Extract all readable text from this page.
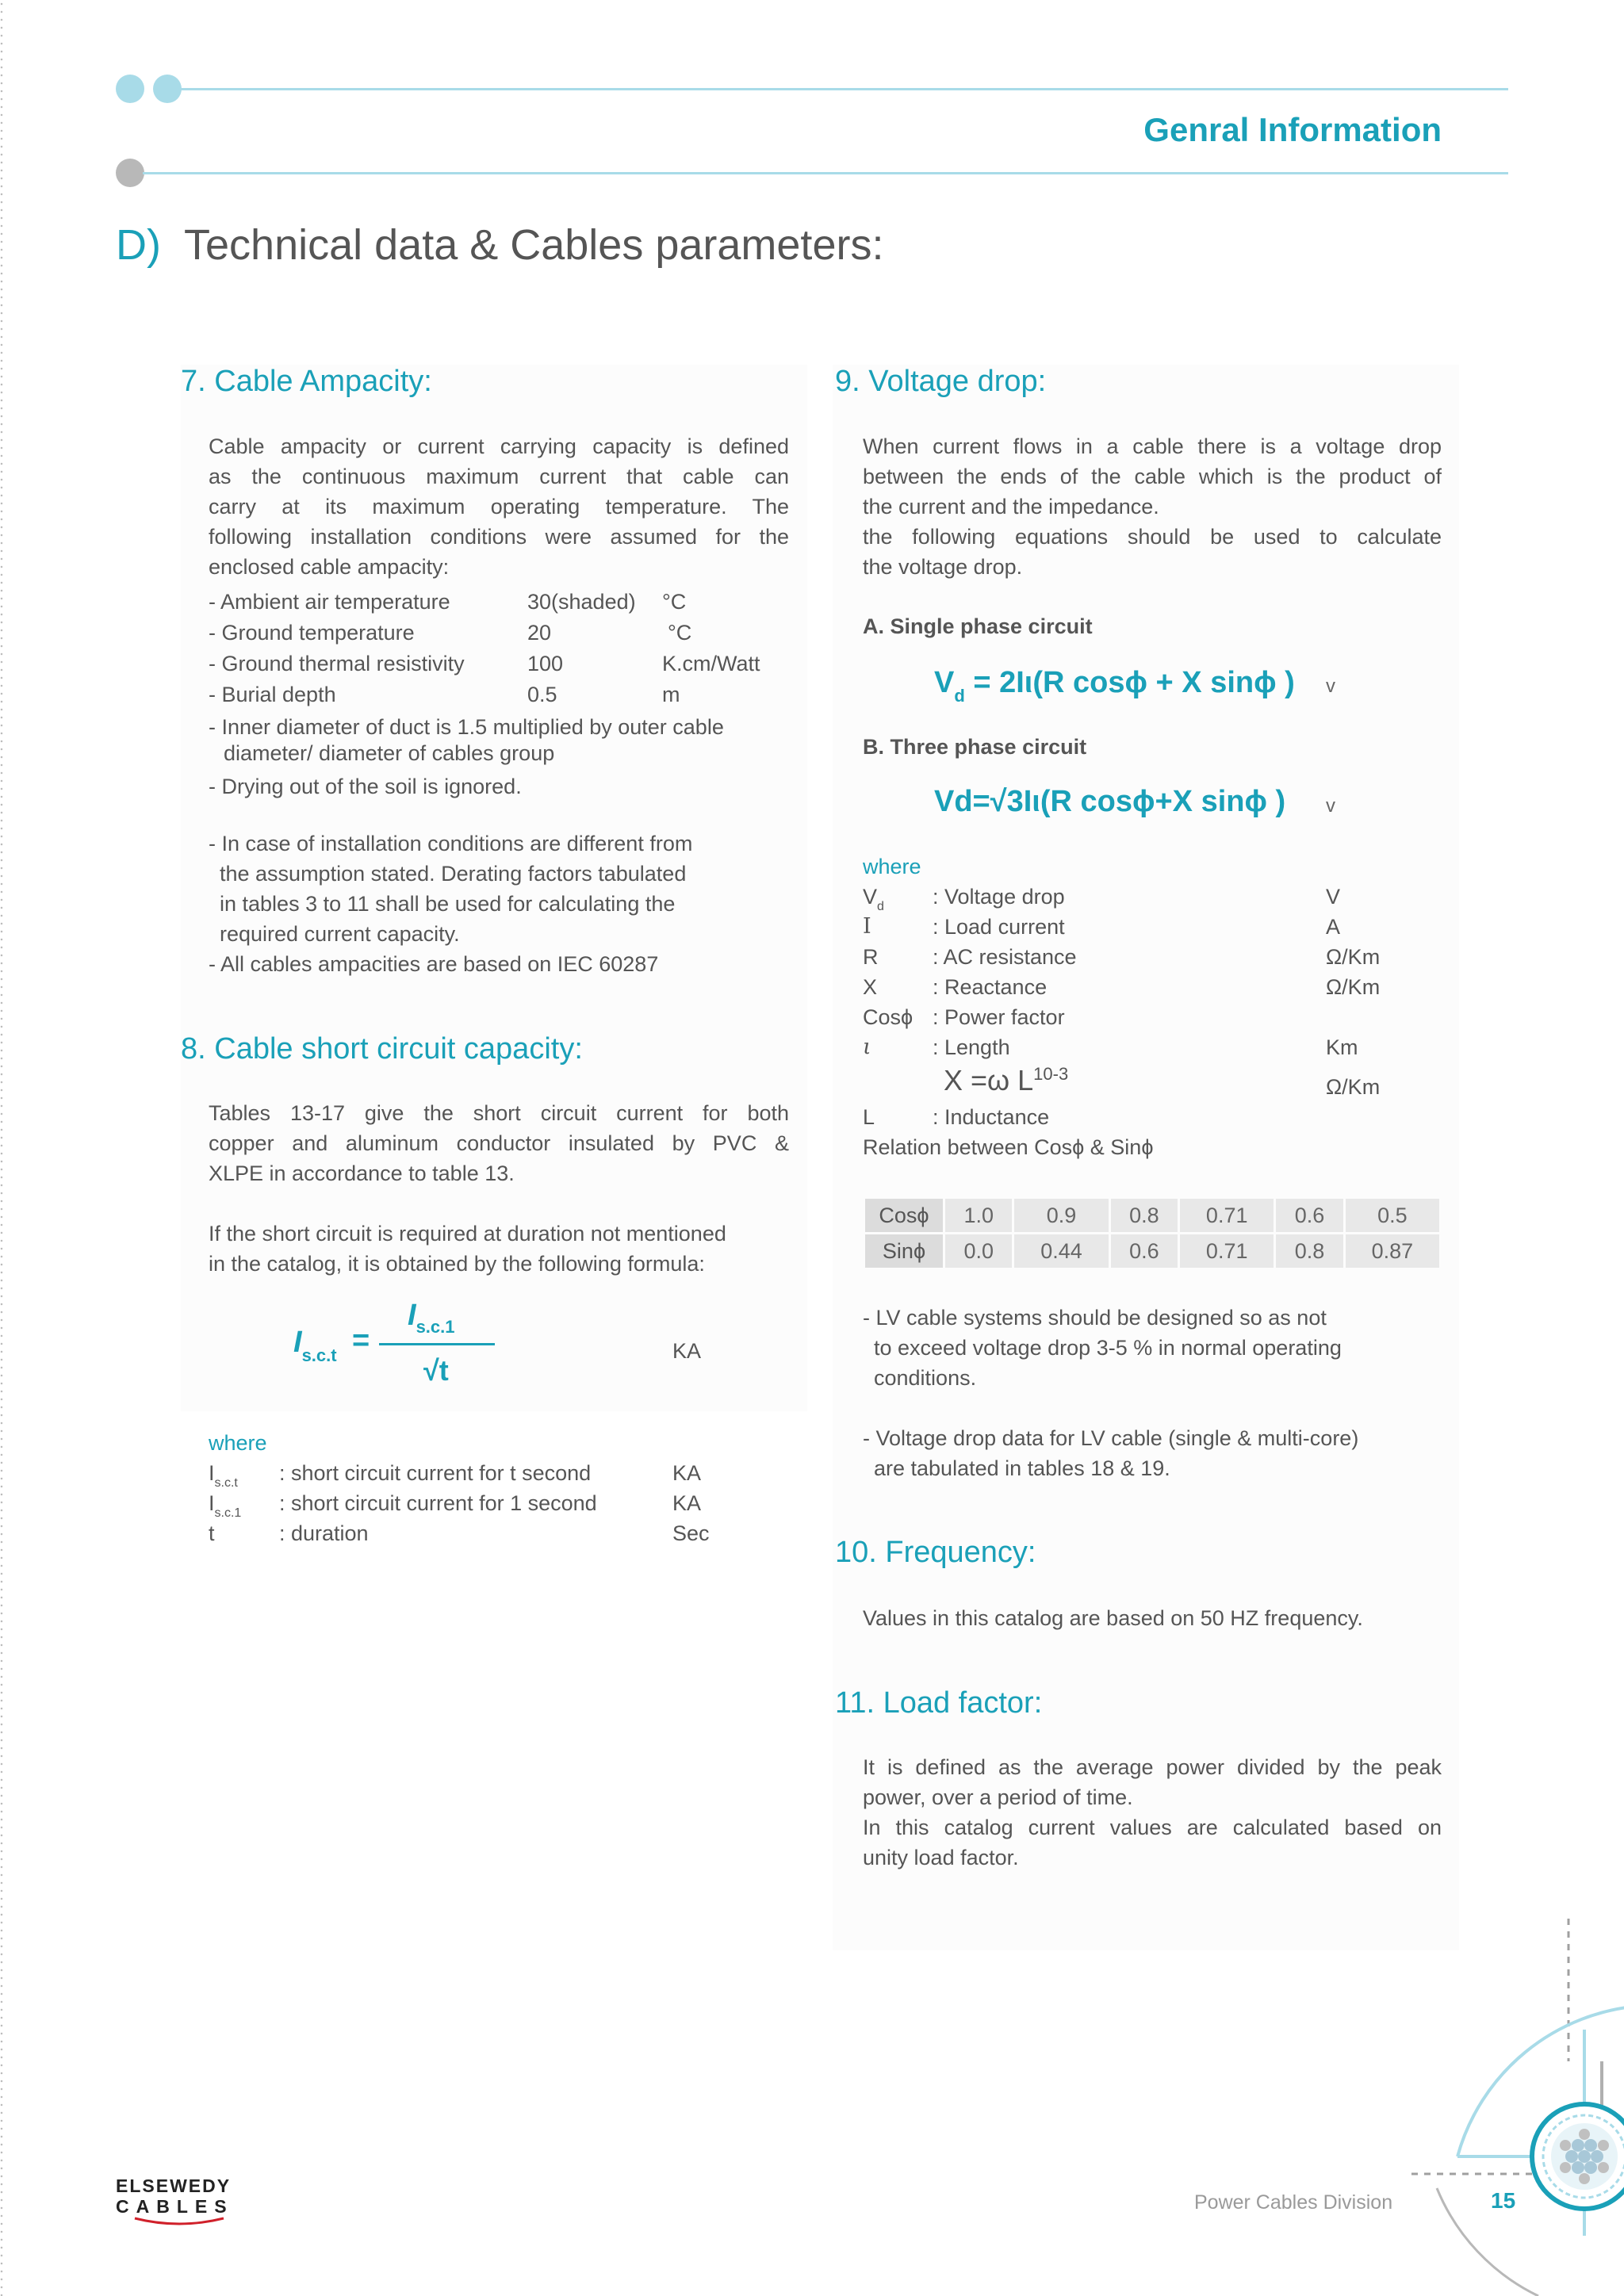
Genral Information
D) Technical data & Cables parameters:
7. Cable Ampacity:
Cable ampacity or current carrying capacity is defined
as the continuous maximum current that cable can
carry at its maximum operating temperature. The
following installation conditions were assumed for the
enclosed cable ampacity:
- Ambient air temperature	30(shaded) °C
- Ground temperature	20	°C
- Ground thermal resistivity	100	K.cm/Watt
- Burial depth	0.5	m
- Inner diameter of duct is 1.5 multiplied by outer cable
diameter/ diameter of cables group
- Drying out of the soil is ignored.
- In case of installation conditions are different from
the assumption stated. Derating factors tabulated
in tables 3 to 11 shall be used for calculating the
required current capacity.
- All cables ampacities are based on IEC 60287
8. Cable short circuit capacity:
Tables 13-17 give the short circuit current for both
copper and aluminum conductor insulated by PVC &
XLPE in accordance to table 13.
If the short circuit is required at duration not mentioned
in the catalog, it is obtained by the following formula:
Is.c.t =
Is.c.1
√t
KA
where
$I_{s.c.t}$ : short circuit current for t second	KA
$I_{s.c.1}$ : short circuit current for 1 second	KA
t	: duration	Sec
9. Voltage drop:
When current flows in a cable there is a voltage drop
between the ends of the cable which is the product of
the current and the impedance.
the following equations should be used to calculate
the voltage drop.
A. Single phase circuit
$V_d = 2I\iota(R$ cosϕ + X sinϕ ) v
B. Three phase circuit
Vd=√3Iι(R cosϕ+X sinϕ ) v
where
$V_d$ : Voltage drop	V
I	: Load current	A
R	: AC resistance	Ω/Km
X	: Reactance	Ω/Km
Cosϕ : Power factor
ι	: Length	Km
X =ω $L^{10-3}$
Ω/Km
L	: Inductance
Relation between Cosϕ & Sinϕ
Cosϕ	1.0	0.9	0.8	0.71	0.6	0.5
Sinϕ	0.0	0.44	0.6	0.71	0.8	0.87
- LV cable systems should be designed so as not
to exceed voltage drop 3-5 % in normal operating
conditions.
- Voltage drop data for LV cable (single & multi-core)
are tabulated in tables 18 & 19.
10. Frequency:
Values in this catalog are based on 50 HZ frequency.
11. Load factor:
It is defined as the average power divided by the peak
power, over a period of time.
In this catalog current values are calculated based on
unity load factor.
ELSEWEDY
CABLES	Power Cables Division	15
